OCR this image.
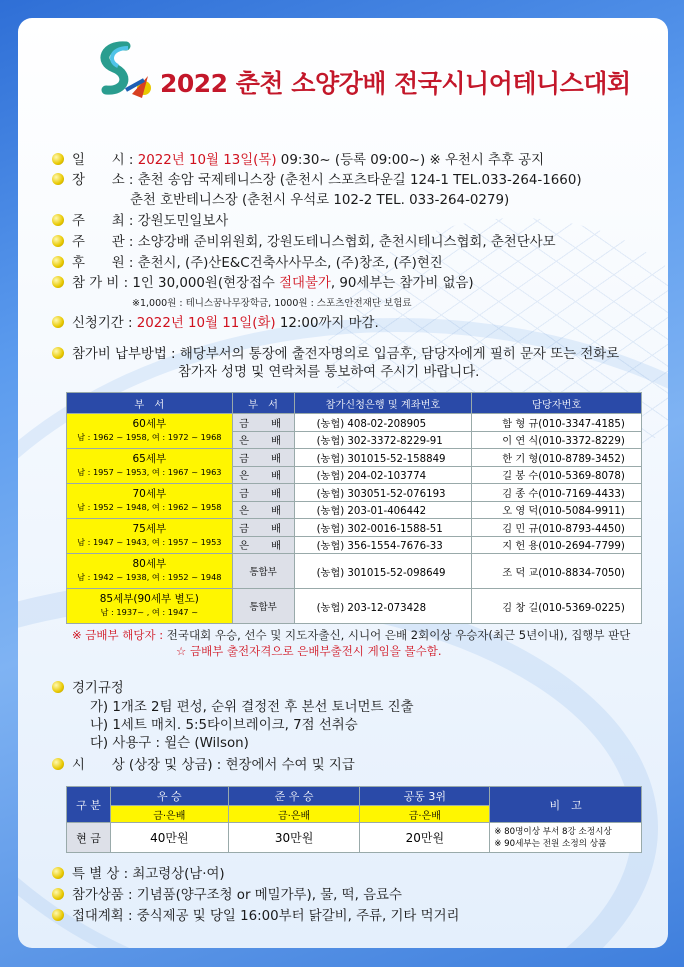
2022 춘천 소양강배 전국시니어테니스대회
일　　시 : 2022년 10월 13일(목) 09:30~ (등록 09:00~) ※ 우천시 추후 공지
장　　소 : 춘천 송암 국제테니스장 (춘천시 스포츠타운길 124-1 TEL.033-264-1660)
춘천 호반테니스장 (춘천시 우석로 102-2 TEL. 033-264-0279)
주　　최 : 강원도민일보사
주　　관 : 소양강배 준비위원회, 강원도테니스협회, 춘천시테니스협회, 춘천단사모
후　　원 : 춘천시, (주)산E&C건축사사무소, (주)창조, (주)현진
참 가 비 : 1인 30,000원(현장접수 절대불가, 90세부는 참가비 없음)
※1,000원 : 테니스꿈나무장학금, 1000원 : 스포츠안전재단 보험료
신청기간 : 2022년 10월 11일(화) 12:00까지 마감.
참가비 납부방법 : 해당부서의 통장에 출전자명의로 입금후, 담당자에게 필히 문자 또는 전화로
참가자 성명 및 연락처를 통보하여 주시기 바랍니다.
부　서	부　서	참가신청은행 및 계좌번호	담당자번호
60세부
남 : 1962 ~ 1958, 여 : 1972 ~ 1968	금　배	(농협) 408-02-208905	함 형 규(010-3347-4185)
	은　배	(농협) 302-3372-8229-91	이 연 식(010-3372-8229)
65세부
남 : 1957 ~ 1953, 여 : 1967 ~ 1963	금　배	(농협) 301015-52-158849	한 기 형(010-8789-3452)
	은　배	(농협) 204-02-103774	길 봉 수(010-5369-8078)
70세부
남 : 1952 ~ 1948, 여 : 1962 ~ 1958	금　배	(농협) 303051-52-076193	김 종 수(010-7169-4433)
	은　배	(농협) 203-01-406442	오 영 덕(010-5084-9911)
75세부
남 : 1947 ~ 1943, 여 : 1957 ~ 1953	금　배	(농협) 302-0016-1588-51	김 민 규(010-8793-4450)
	은　배	(농협) 356-1554-7676-33	지 헌 용(010-2694-7799)
80세부
남 : 1942 ~ 1938, 여 : 1952 ~ 1948	통합부	(농협) 301015-52-098649	조 덕 교(010-8834-7050)
85세부(90세부 별도)
남 : 1937~ , 여 : 1947 ~	통합부	(농협) 203-12-073428	김 창 길(010-5369-0225)
※ 금배부 해당자 : 전국대회 우승, 선수 및 지도자출신, 시니어 은배 2회이상 우승자(최근 5년이내), 집행부 판단
☆ 금배부 출전자격으로 은배부출전시 게임을 몰수함.
경기규정
가) 1개조 2팀 편성, 순위 결정전 후 본선 토너먼트 진출
나) 1세트 매치. 5:5타이브레이크, 7점 선취승
다) 사용구 : 윌슨 (Wilson)
시　　상 (상장 및 상금) : 현장에서 수여 및 지급
구 분	우 승	준 우 승	공동 3위	비　고
	금·은배	금·은배	금·은배	
현 금	40만원	30만원	20만원	※ 80명이상 부서 8강 소정시상
※ 90세부는 전원 소정의 상품
특 별 상 : 최고령상(남·여)
참가상품 : 기념품(양구조청 or 메밀가루), 물, 떡, 음료수
접대계획 : 중식제공 및 당일 16:00부터 닭갈비, 주류, 기타 먹거리
